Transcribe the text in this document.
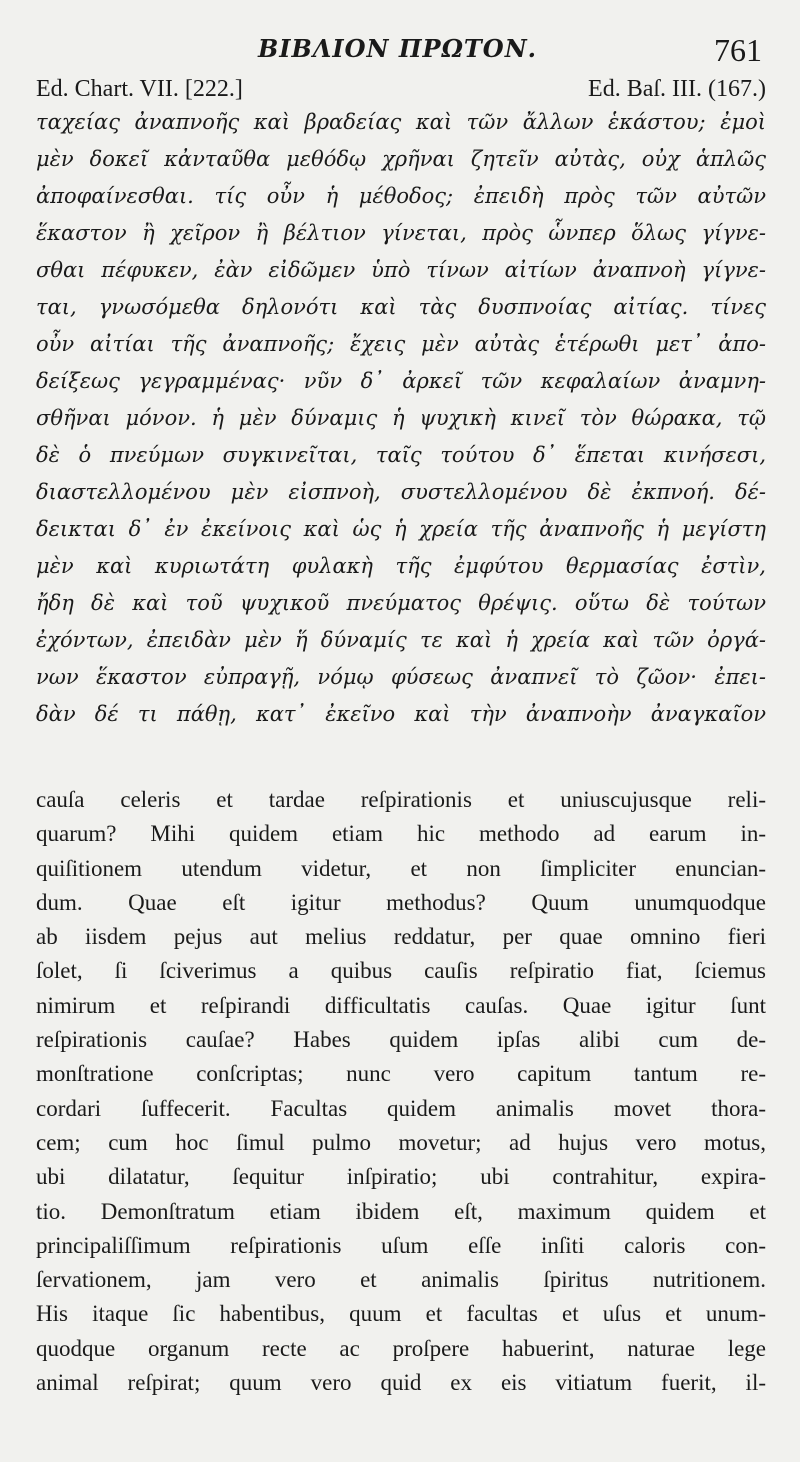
ΒΙΒΛΙΟΝ ΠΡΩΤΟΝ.	761
Ed. Chart. VII. [222.]	Ed. Baſ. III. (167.)
ταχείας ἀναπνοῆς καὶ βραδείας καὶ τῶν ἄλλων ἑκάστου; ἐμοὶ
μὲν δοκεῖ κἀνταῦθα μεθόδῳ χρῆναι ζητεῖν αὐτὰς, οὐχ ἁπλῶς
ἀποφαίνεσθαι. τίς οὖν ἡ μέθοδος; ἐπειδὴ πρὸς τῶν αὐτῶν
ἕκαστον ἢ χεῖρον ἢ βέλτιον γίνεται, πρὸς ὧνπερ ὅλως γίγνε-
σθαι πέφυκεν, ἐὰν εἰδῶμεν ὑπὸ τίνων αἰτίων ἀναπνοὴ γίγνε-
ται, γνωσόμεθα δηλονότι καὶ τὰς δυσπνοίας αἰτίας. τίνες
οὖν αἰτίαι τῆς ἀναπνοῆς; ἔχεις μὲν αὐτὰς ἑτέρωθι μετ᾽ ἀπο-
δείξεως γεγραμμένας· νῦν δ᾽ ἀρκεῖ τῶν κεφαλαίων ἀναμνη-
σθῆναι μόνον. ἡ μὲν δύναμις ἡ ψυχικὴ κινεῖ τὸν θώρακα, τῷ
δὲ ὁ πνεύμων συγκινεῖται, ταῖς τούτου δ᾽ ἕπεται κινήσεσι,
διαστελλομένου μὲν εἰσπνοὴ, συστελλομένου δὲ ἐκπνοή. δέ-
δεικται δ᾽ ἐν ἐκείνοις καὶ ὡς ἡ χρεία τῆς ἀναπνοῆς ἡ μεγίστη
μὲν καὶ κυριωτάτη φυλακὴ τῆς ἐμφύτου θερμασίας ἐστὶν,
ἤδη δὲ καὶ τοῦ ψυχικοῦ πνεύματος θρέψις. οὕτω δὲ τούτων
ἐχόντων, ἐπειδὰν μὲν ἥ δύναμίς τε καὶ ἡ χρεία καὶ τῶν ὀργά-
νων ἕκαστον εὐπραγῇ, νόμῳ φύσεως ἀναπνεῖ τὸ ζῶον· ἐπει-
δὰν δέ τι πάθῃ, κατ᾽ ἐκεῖνο καὶ τὴν ἀναπνοὴν ἀναγκαῖον
cauſa celeris et tardae reſpirationis et uniuscujusque reli-
quarum? Mihi quidem etiam hic methodo ad earum in-
quiſitionem utendum videtur, et non ſimpliciter enuncian-
dum. Quae eſt igitur methodus? Quum unumquodque
ab iisdem pejus aut melius reddatur, per quae omnino fieri
ſolet, ſi ſciverimus a quibus cauſis reſpiratio fiat, ſciemus
nimirum et reſpirandi difficultatis cauſas. Quae igitur ſunt
reſpirationis cauſae? Habes quidem ipſas alibi cum de-
monſtratione conſcriptas; nunc vero capitum tantum re-
cordari ſuffecerit. Facultas quidem animalis movet thora-
cem; cum hoc ſimul pulmo movetur; ad hujus vero motus,
ubi dilatatur, ſequitur inſpiratio; ubi contrahitur, expira-
tio. Demonſtratum etiam ibidem eſt, maximum quidem et
principaliſſimum reſpirationis uſum eſſe inſiti caloris con-
ſervationem, jam vero et animalis ſpiritus nutritionem.
His itaque ſic habentibus, quum et facultas et uſus et unum-
quodque organum recte ac proſpere habuerint, naturae lege
animal reſpirat; quum vero quid ex eis vitiatum fuerit, il-
